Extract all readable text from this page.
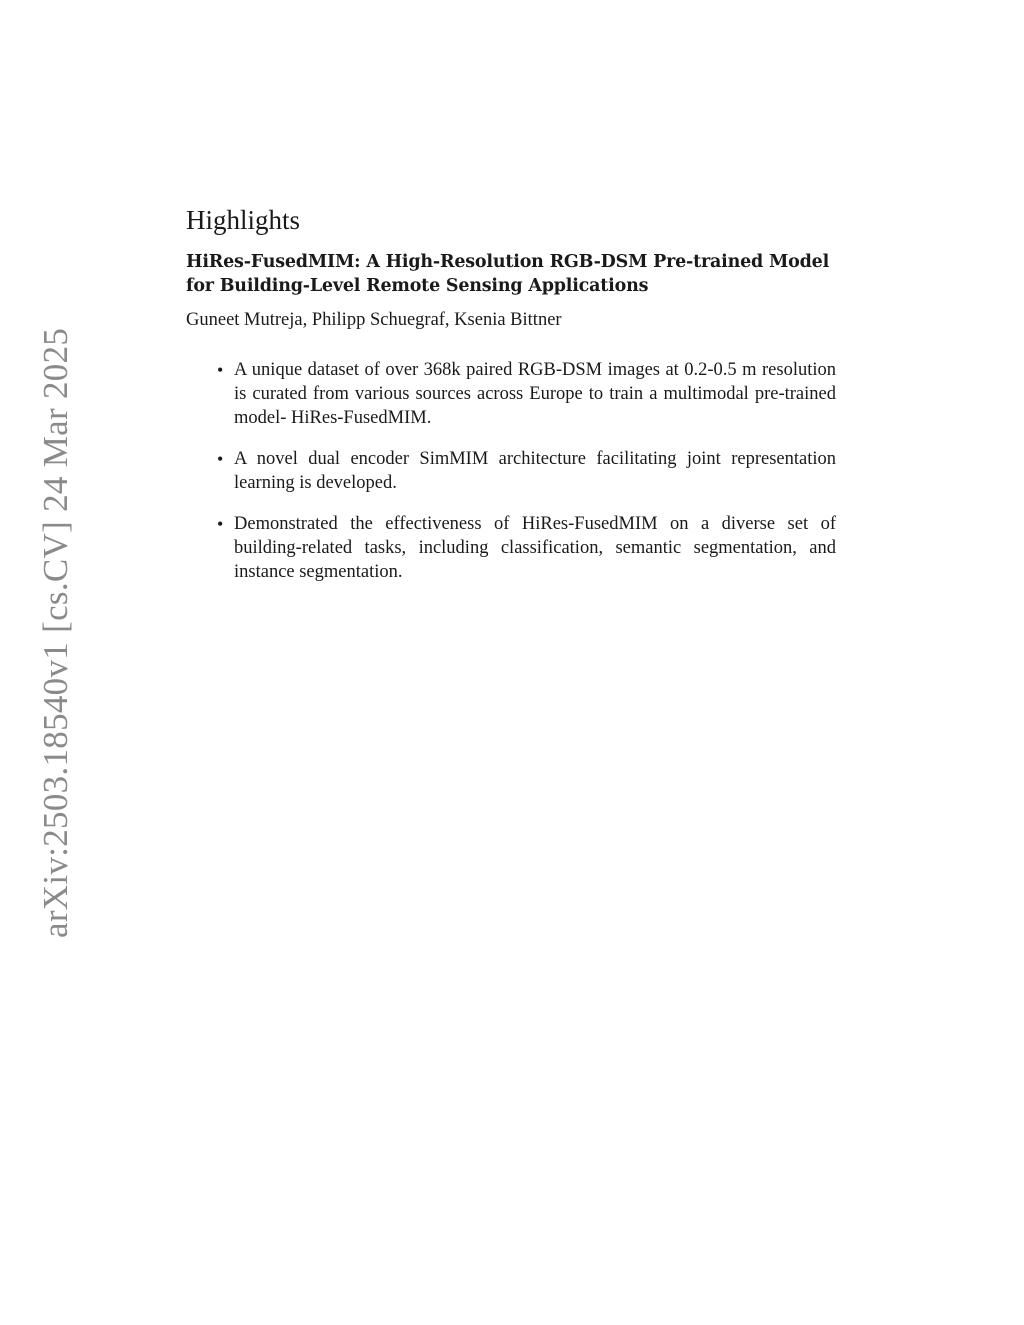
arXiv:2503.18540v1 [cs.CV] 24 Mar 2025
Highlights
HiRes-FusedMIM: A High-Resolution RGB-DSM Pre-trained Model for Building-Level Remote Sensing Applications
Guneet Mutreja, Philipp Schuegraf, Ksenia Bittner
• A unique dataset of over 368k paired RGB-DSM images at 0.2-0.5 m resolution is curated from various sources across Europe to train a multimodal pre-trained model- HiRes-FusedMIM.
• A novel dual encoder SimMIM architecture facilitating joint representation learning is developed.
• Demonstrated the effectiveness of HiRes-FusedMIM on a diverse set of building-related tasks, including classification, semantic segmentation, and instance segmentation.
